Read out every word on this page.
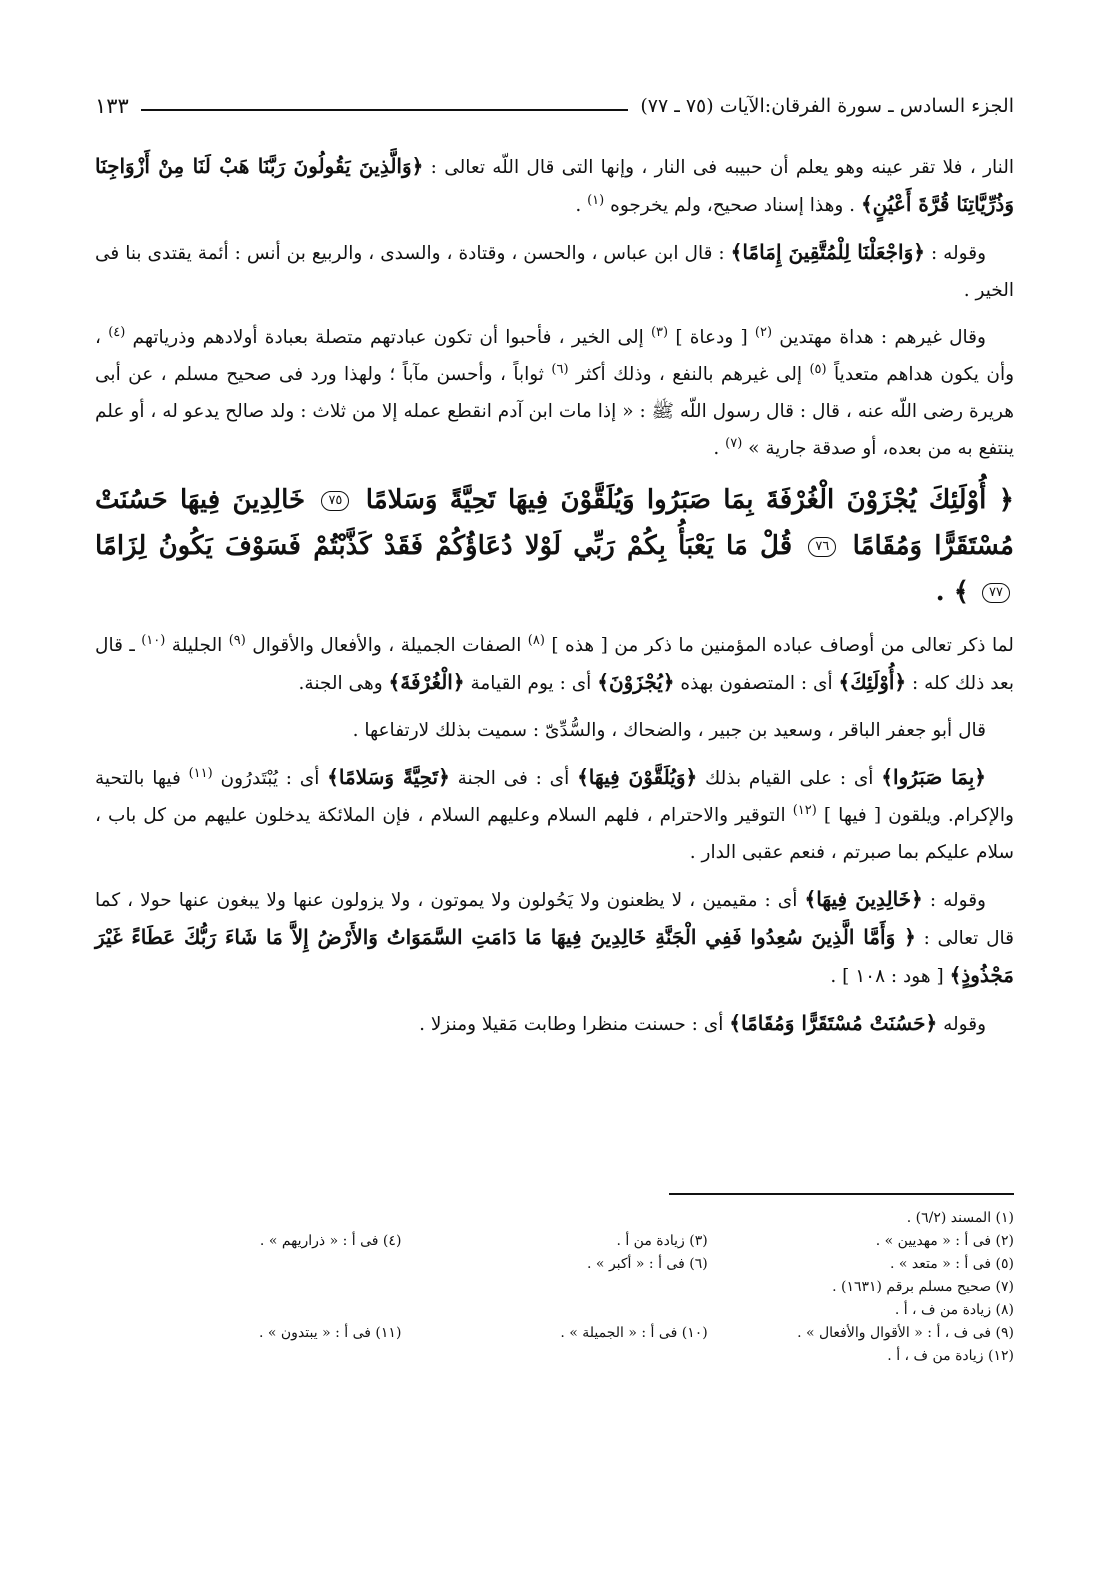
الجزء السادس ـ سورة الفرقان:الآيات (٧٥ ـ ٧٧)
١٣٣

النار ، فلا تقر عينه وهو يعلم أن حبيبه فى النار ، وإنها التى قال اللّه تعالى : ﴿وَالَّذِينَ يَقُولُونَ رَبَّنَا هَبْ لَنَا مِنْ أَزْوَاجِنَا وَذُرِّيَّاتِنَا قُرَّةَ أَعْيُنٍ﴾ . وهذا إسناد صحيح، ولم يخرجوه $^{(١)}$ .

وقوله : ﴿وَاجْعَلْنَا لِلْمُتَّقِينَ إِمَامًا﴾ : قال ابن عباس ، والحسن ، وقتادة ، والسدى ، والربيع بن أنس : أئمة يقتدى بنا فى الخير .

وقال غيرهم : هداة مهتدين $^{(٢)}$ [ ودعاة ] $^{(٣)}$ إلى الخير ، فأحبوا أن تكون عبادتهم متصلة بعبادة أولادهم وذرياتهم $^{(٤)}$ ، وأن يكون هداهم متعدياً $^{(٥)}$ إلى غيرهم بالنفع ، وذلك أكثر $^{(٦)}$ ثواباً ، وأحسن مآباً ؛ ولهذا ورد فى صحيح مسلم ، عن أبى هريرة رضى اللّه عنه ، قال : قال رسول اللّه ﷺ : « إذا مات ابن آدم انقطع عمله إلا من ثلاث : ولد صالح يدعو له ، أو علم ينتفع به من بعده، أو صدقة جارية » $^{(٧)}$ .

﴿ أُوْلَئِكَ يُجْزَوْنَ الْغُرْفَةَ بِمَا صَبَرُوا وَيُلَقَّوْنَ فِيهَا تَحِيَّةً وَسَلامًا ٧٥ خَالِدِينَ فِيهَا حَسُنَتْ مُسْتَقَرًّا وَمُقَامًا ٧٦ قُلْ مَا يَعْبَأُ بِكُمْ رَبِّي لَوْلا دُعَاؤُكُمْ فَقَدْ كَذَّبْتُمْ فَسَوْفَ يَكُونُ لِزَامًا ٧٧ ﴾ .

لما ذكر تعالى من أوصاف عباده المؤمنين ما ذكر من [ هذه ] $^{(٨)}$ الصفات الجميلة ، والأفعال والأقوال $^{(٩)}$ الجليلة $^{(١٠)}$ ـ قال بعد ذلك كله : ﴿أُوْلَئِكَ﴾ أى : المتصفون بهذه ﴿يُجْزَوْنَ﴾ أى : يوم القيامة ﴿الْغُرْفَةَ﴾ وهى الجنة.

قال أبو جعفر الباقر ، وسعيد بن جبير ، والضحاك ، والسُّدِّىّ : سميت بذلك لارتفاعها .

﴿بِمَا صَبَرُوا﴾ أى : على القيام بذلك ﴿وَيُلَقَّوْنَ فِيهَا﴾ أى : فى الجنة ﴿تَحِيَّةً وَسَلامًا﴾ أى : يُبْتَدرُون $^{(١١)}$ فيها بالتحية والإكرام. ويلقون [ فيها ] $^{(١٢)}$ التوقير والاحترام ، فلهم السلام وعليهم السلام ، فإن الملائكة يدخلون عليهم من كل باب ، سلام عليكم بما صبرتم ، فنعم عقبى الدار .

وقوله : ﴿خَالِدِينَ فِيهَا﴾ أى : مقيمين ، لا يظعنون ولا يَحُولون ولا يموتون ، ولا يزولون عنها ولا يبغون عنها حولا ، كما قال تعالى : ﴿ وَأَمَّا الَّذِينَ سُعِدُوا فَفِي الْجَنَّةِ خَالِدِينَ فِيهَا مَا دَامَتِ السَّمَوَاتُ وَالأَرْضُ إِلاَّ مَا شَاءَ رَبُّكَ عَطَاءً غَيْرَ مَجْذُوذٍ﴾ [ هود : ١٠٨ ] .

وقوله ﴿حَسُنَتْ مُسْتَقَرًّا وَمُقَامًا﴾ أى : حسنت منظرا وطابت مَقيلا ومنزلا .

(١) المسند (٦/٢) .
(٢) فى أ : « مهديين » .
(٣) زيادة من أ .
(٤) فى أ : « ذراريهم » .
(٥) فى أ : « متعد » .
(٦) فى أ : « أكبر » .
(٧) صحيح مسلم برقم (١٦٣١) .
(٨) زيادة من ف ، أ .
(٩) فى ف ، أ : « الأقوال والأفعال » .
(١٠) فى أ : « الجميلة » .
(١١) فى أ : « يبتدون » .
(١٢) زيادة من ف ، أ .
